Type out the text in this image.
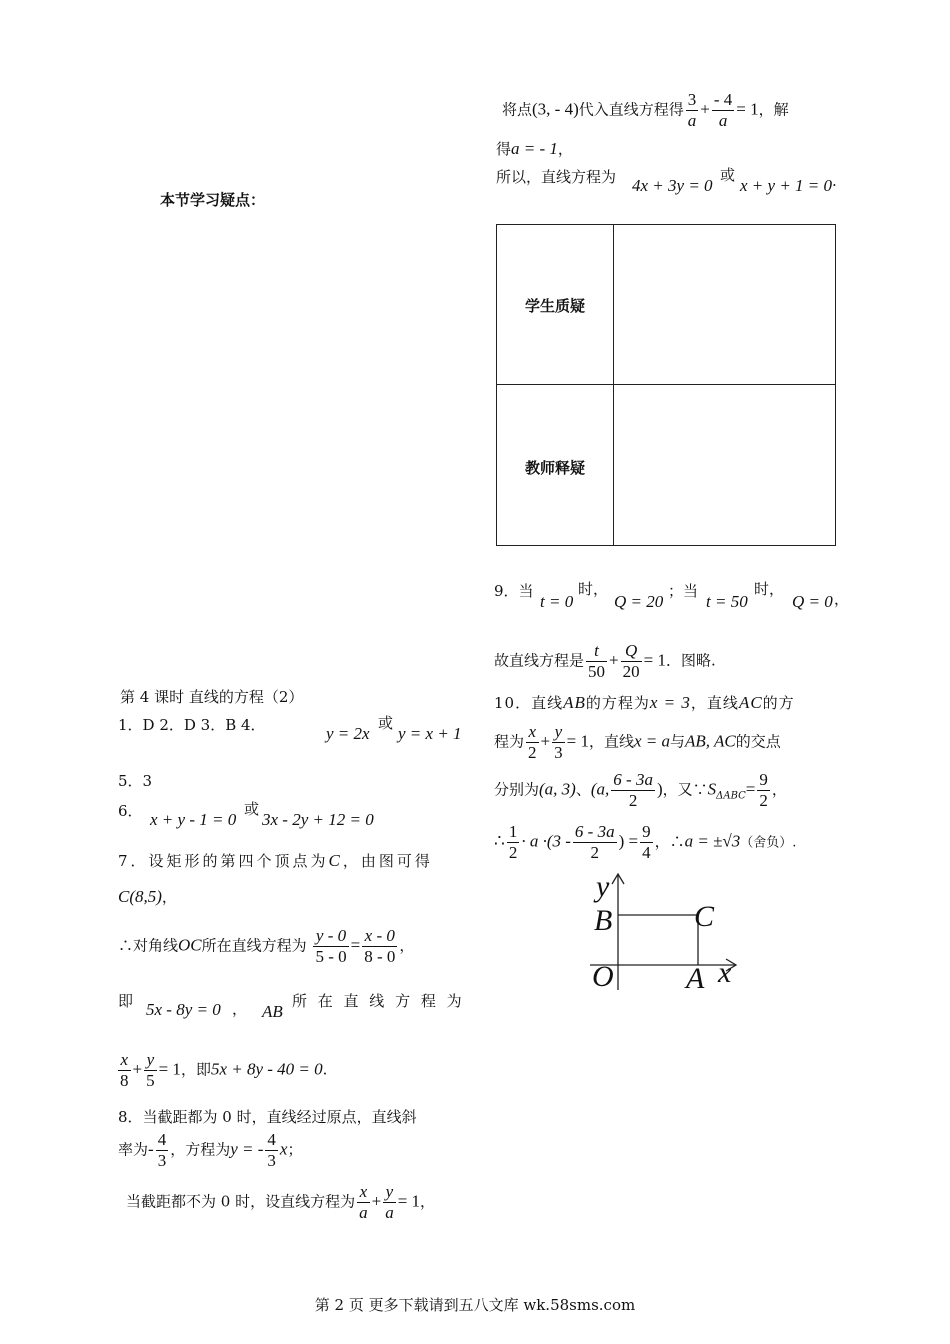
本节学习疑点：
第 4 课时 直线的方程（2）
1．D 2．D 3．B 4．	y = 2x
或
y = x + 1
5．3
6． x + y - 1 = 0
或
3x - 2y + 12 = 0
7．设矩形的第四个顶点为C，由图可得
C(8,5)，
∴对角线OC所在直线方程为 $\frac{y - 0}{5 - 0} = \frac{x - 0}{8 - 0}$ ，
即 5x - 8y = 0 ， AB
所 在 直 线 方 程 为
$\frac{x}{8} + \frac{y}{5} = 1$，即5x + 8y - 40 = 0.
8．当截距都为 0 时，直线经过原点，直线斜
率为- $\frac{4}{3}$ ，方程为y = - $\frac{4}{3}$ x；
当截距都不为 0 时，设直线方程为 $\frac{x}{a} + \frac{y}{a} = 1$，
将点(3, - 4)代入直线方程得 $\frac{3}{a} + \frac{- 4}{a} = 1$，解
得a = - 1，
所以，直线方程为 4x + 3y = 0
或
x + y + 1 = 0 .
学生质疑
教师释疑
9．当
t = 0
时，
Q = 20
；当
t = 50
时，
Q = 0 ，
故直线方程是 $\frac{t}{50} + \frac{Q}{20} = 1$．图略.
10．直线AB的方程为x = 3，直线AC的方
程为 $\frac{x}{2} + \frac{y}{3} = 1$，直线x = a与AB, AC的交点
分别为(a, 3)、(a, $\frac{6 - 3a}{2}$ )，又$\because S_{\Delta ABC}= \frac{9}{2}$ ，
∴ $\frac{1}{2} \cdot a \cdot(3 - \frac{6 - 3a}{2}$ ) = $\frac{9}{4}$ ，∴a = ±√3（舍负）.
y
x
B	C
O A
第 2 页 更多下载请到五八文库 wk.58sms.com
